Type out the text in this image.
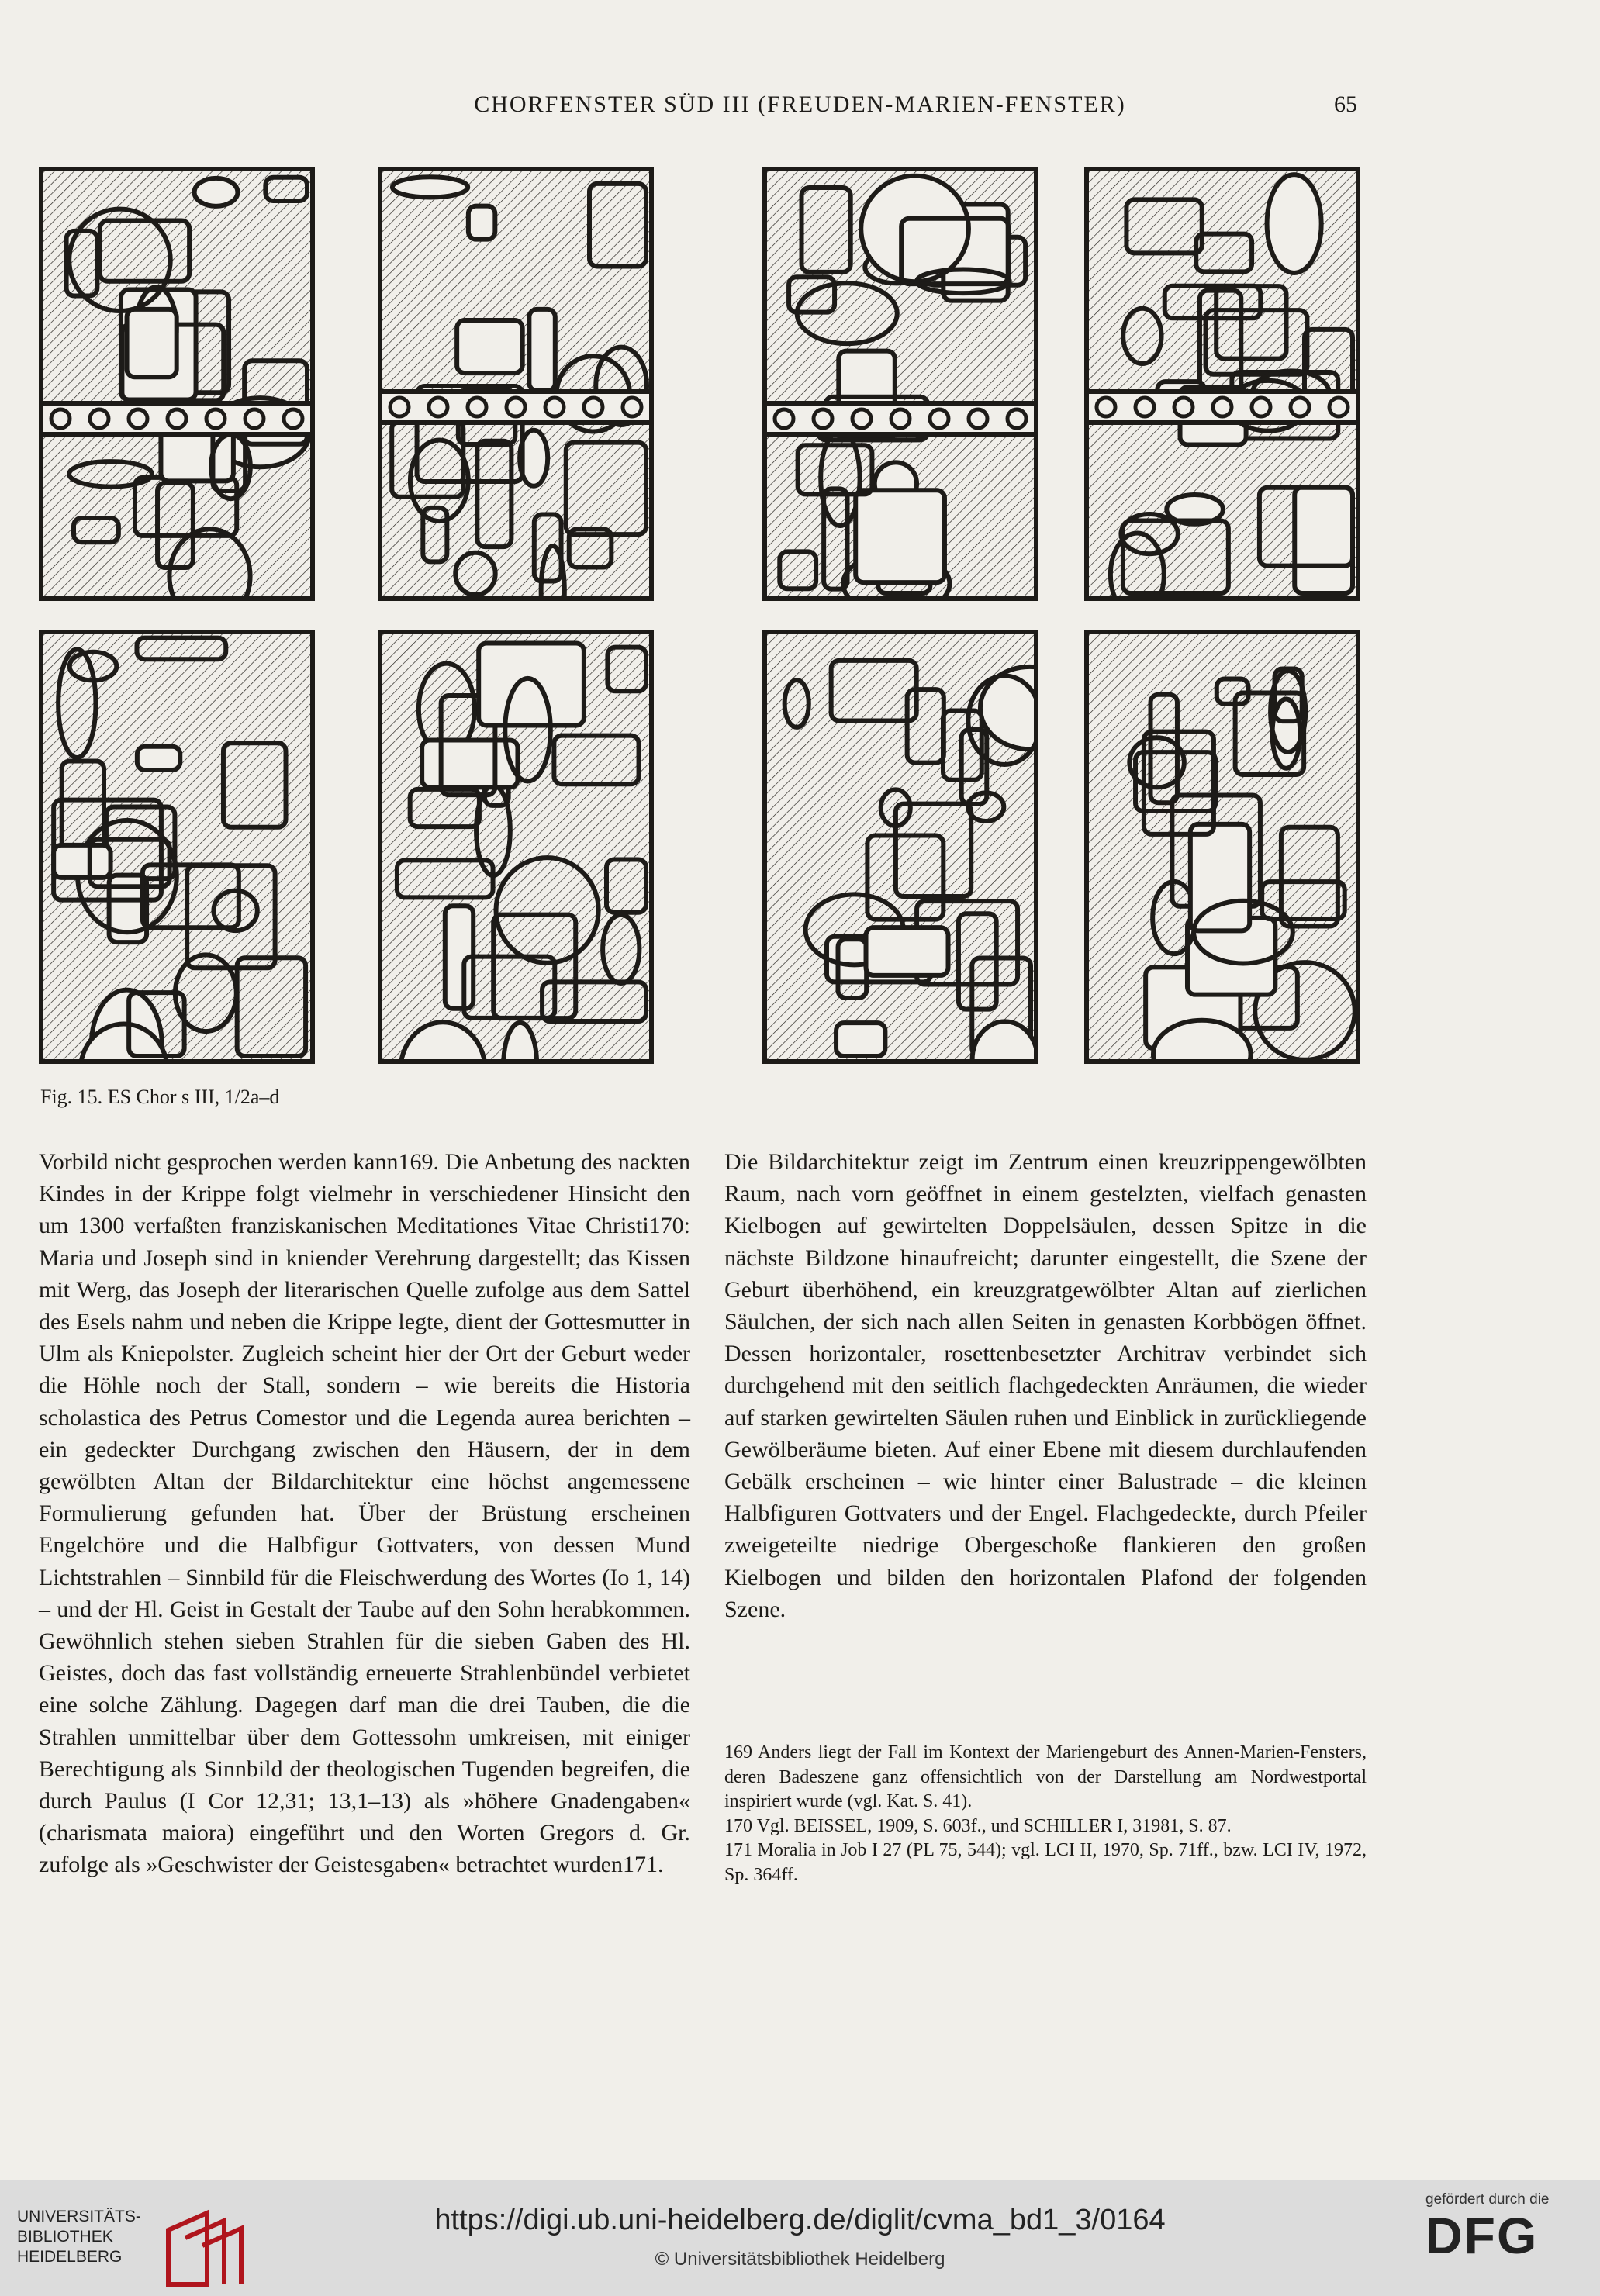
CHORFENSTER SÜD III (FREUDEN-MARIEN-FENSTER)	65
Fig. 15. ES Chor s III, 1/2a–d

Vorbild nicht gesprochen werden kann169. Die Anbetung des nackten Kindes in der Krippe folgt vielmehr in verschiedener Hinsicht den um 1300 verfaßten franziskanischen Meditationes Vitae Christi170: Maria und Joseph sind in kniender Verehrung dargestellt; das Kissen mit Werg, das Joseph der literarischen Quelle zufolge aus dem Sattel des Esels nahm und neben die Krippe legte, dient der Gottesmutter in Ulm als Kniepolster. Zugleich scheint hier der Ort der Geburt weder die Höhle noch der Stall, sondern – wie bereits die Historia scholastica des Petrus Comestor und die Legenda aurea berichten – ein gedeckter Durchgang zwischen den Häusern, der in dem gewölbten Altan der Bildarchitektur eine höchst angemessene Formulierung gefunden hat. Über der Brüstung erscheinen Engelchöre und die Halbfigur Gottvaters, von dessen Mund Lichtstrahlen – Sinnbild für die Fleischwerdung des Wortes (Io 1, 14) – und der Hl. Geist in Gestalt der Taube auf den Sohn herabkommen. Gewöhnlich stehen sieben Strahlen für die sieben Gaben des Hl. Geistes, doch das fast vollständig erneuerte Strahlenbündel verbietet eine solche Zählung. Dagegen darf man die drei Tauben, die die Strahlen unmittelbar über dem Gottessohn umkreisen, mit einiger Berechtigung als Sinnbild der theologischen Tugenden begreifen, die durch Paulus (I Cor 12,31; 13,1–13) als »höhere Gnadengaben« (charismata maiora) eingeführt und den Worten Gregors d. Gr. zufolge als »Geschwister der Geistesgaben« betrachtet wurden171.

Die Bildarchitektur zeigt im Zentrum einen kreuzrippengewölbten Raum, nach vorn geöffnet in einem gestelzten, vielfach genasten Kielbogen auf gewirtelten Doppelsäulen, dessen Spitze in die nächste Bildzone hinaufreicht; darunter eingestellt, die Szene der Geburt überhöhend, ein kreuzgratgewölbter Altan auf zierlichen Säulchen, der sich nach allen Seiten in genasten Korbbögen öffnet. Dessen horizontaler, rosettenbesetzter Architrav verbindet sich durchgehend mit den seitlich flachgedeckten Anräumen, die wieder auf starken gewirtelten Säulen ruhen und Einblick in zurückliegende Gewölberäume bieten. Auf einer Ebene mit diesem durchlaufenden Gebälk erscheinen – wie hinter einer Balustrade – die kleinen Halbfiguren Gottvaters und der Engel. Flachgedeckte, durch Pfeiler zweigeteilte niedrige Obergeschoße flankieren den großen Kielbogen und bilden den horizontalen Plafond der folgenden Szene.

169 Anders liegt der Fall im Kontext der Mariengeburt des Annen-Marien-Fensters, deren Badeszene ganz offensichtlich von der Darstellung am Nordwestportal inspiriert wurde (vgl. Kat. S. 41).

170 Vgl. BEISSEL, 1909, S. 603f., und SCHILLER I, 31981, S. 87.

171 Moralia in Job I 27 (PL 75, 544); vgl. LCI II, 1970, Sp. 71ff., bzw. LCI IV, 1972, Sp. 364ff.

UNIVERSITÄTS-
BIBLIOTHEK
HEIDELBERG
https://digi.ub.uni-heidelberg.de/diglit/cvma_bd1_3/0164
© Universitätsbibliothek Heidelberg
gefördert durch die
DFG
